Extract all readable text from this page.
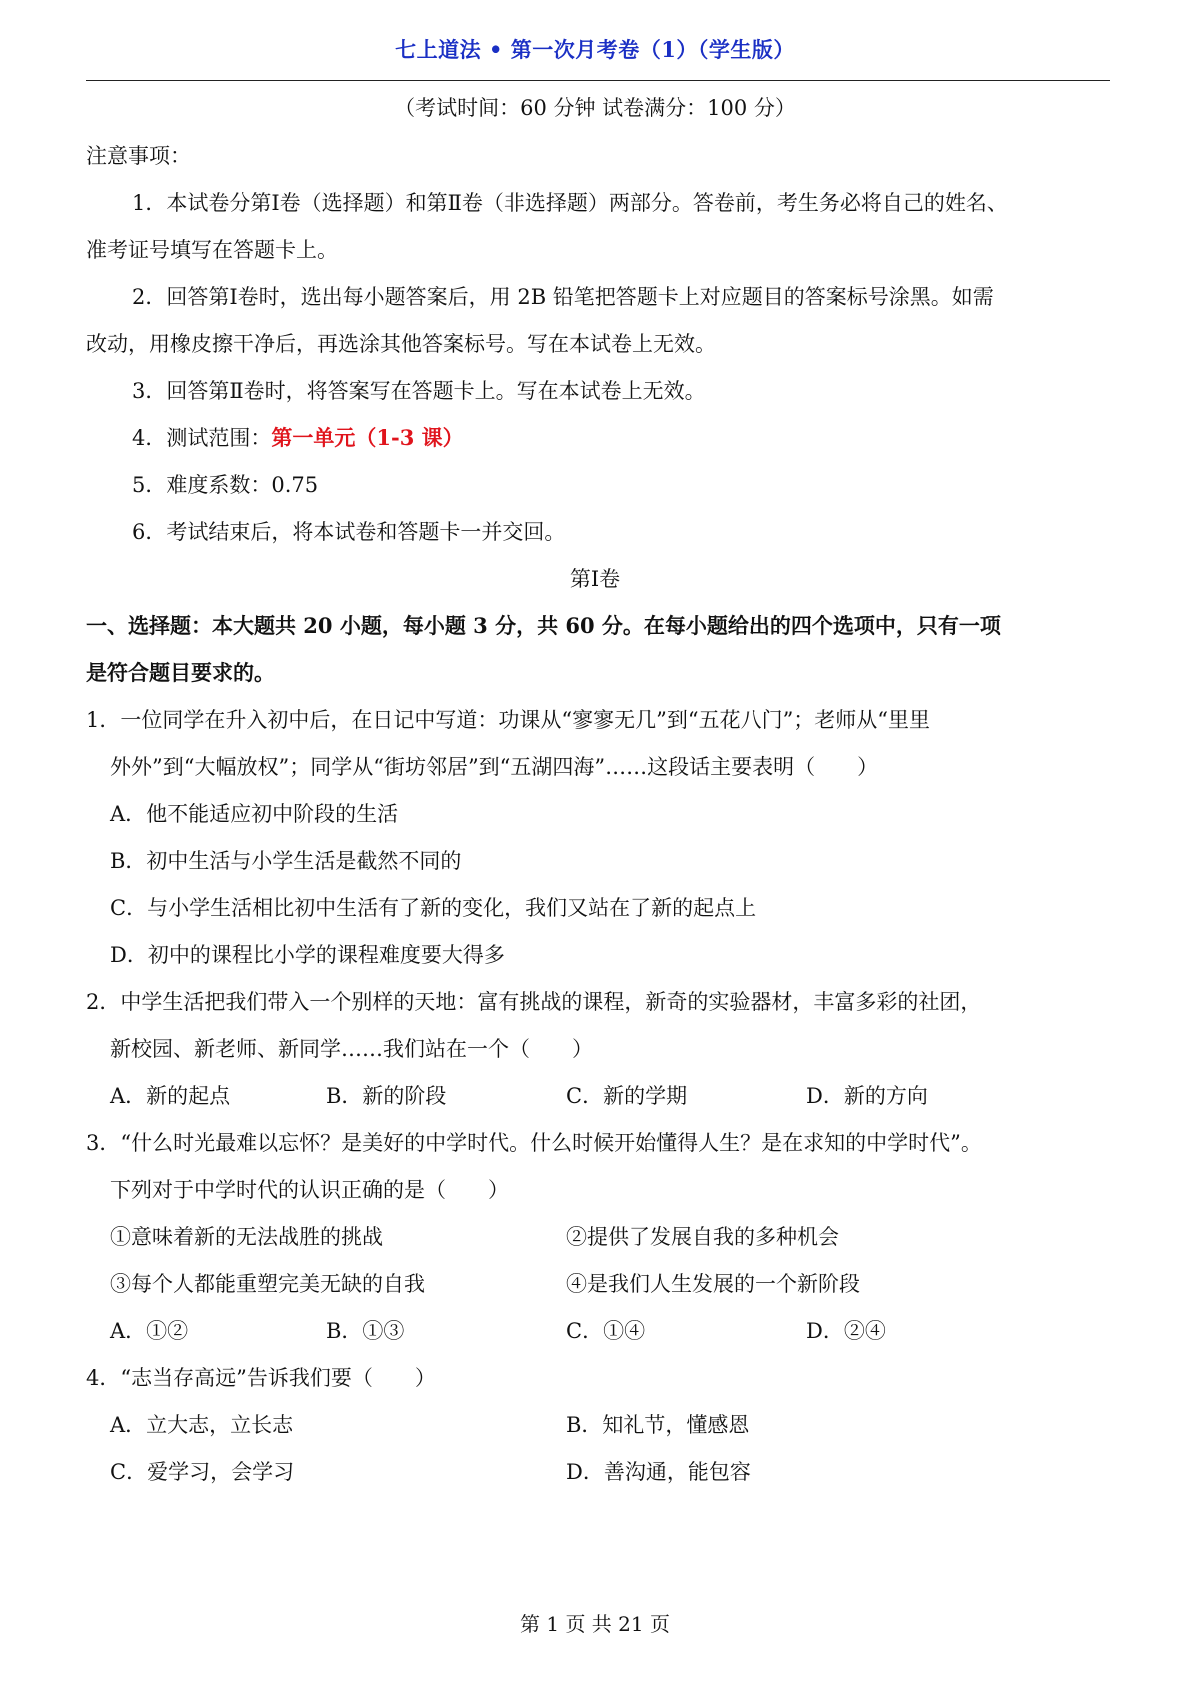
七上道法 • 第一次月考卷（1）（学生版）
（考试时间：60 分钟 试卷满分：100 分）
注意事项：
1．本试卷分第Ⅰ卷（选择题）和第Ⅱ卷（非选择题）两部分。答卷前，考生务必将自己的姓名、
准考证号填写在答题卡上。
2．回答第Ⅰ卷时，选出每小题答案后，用 2B 铅笔把答题卡上对应题目的答案标号涂黑。如需
改动，用橡皮擦干净后，再选涂其他答案标号。写在本试卷上无效。
3．回答第Ⅱ卷时，将答案写在答题卡上。写在本试卷上无效。
4．测试范围：第一单元（1-3 课）
5．难度系数：0.75
6．考试结束后，将本试卷和答题卡一并交回。
第Ⅰ卷
一、选择题：本大题共 20 小题，每小题 3 分，共 60 分。在每小题给出的四个选项中，只有一项
是符合题目要求的。
1．一位同学在升入初中后，在日记中写道：功课从“寥寥无几”到“五花八门”；老师从“里里
外外”到“大幅放权”；同学从“街坊邻居”到“五湖四海”……这段话主要表明（　　）
A．他不能适应初中阶段的生活
B．初中生活与小学生活是截然不同的
C．与小学生活相比初中生活有了新的变化，我们又站在了新的起点上
D．初中的课程比小学的课程难度要大得多
2．中学生活把我们带入一个别样的天地：富有挑战的课程，新奇的实验器材，丰富多彩的社团，
新校园、新老师、新同学……我们站在一个（　　）
A．新的起点	B．新的阶段	C．新的学期	D．新的方向
3．“什么时光最难以忘怀？是美好的中学时代。什么时候开始懂得人生？是在求知的中学时代”。
下列对于中学时代的认识正确的是（　　）
①意味着新的无法战胜的挑战	②提供了发展自我的多种机会
③每个人都能重塑完美无缺的自我	④是我们人生发展的一个新阶段
A．①②	B．①③	C．①④	D．②④
4．“志当存高远”告诉我们要（　　）
A．立大志，立长志	B．知礼节，懂感恩
C．爱学习，会学习	D．善沟通，能包容
第 1 页 共 21 页
